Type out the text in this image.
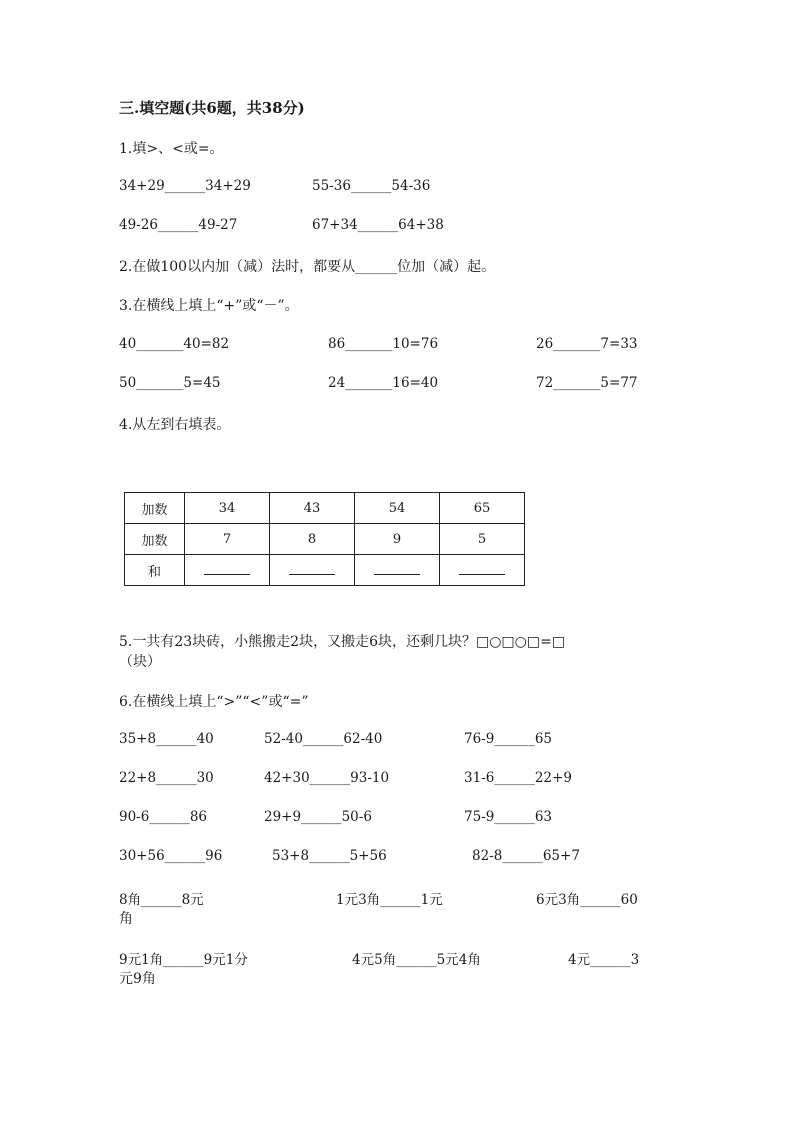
三.填空题(共6题，共38分)
1.填>、<或=。
34+29______34+29	55-36______54-36
49-26______49-27	67+34______64+38
2.在做100以内加（减）法时，都要从______位加（减）起。
3.在横线上填上“+”或“－”。
40_______40=82	86_______10=76	26_______7=33
50_______5=45	24_______16=40	72_______5=77
4.从左到右填表。
加数	34	43	54	65
加数	7	8	9	5
和				
5.一共有23块砖，小熊搬走2块，又搬走6块，还剩几块？□○□○□=□
（块）
6.在横线上填上“>”“<”或“=”
35+8______40	52-40______62-40	76-9______65
22+8______30	42+30______93-10	31-6______22+9
90-6______86	29+9______50-6	75-9______63
30+56______96	53+8______5+56	82-8______65+7
8角______8元	1元3角______1元	6元3角______60
角
9元1角______9元1分	4元5角______5元4角	4元______3
元9角
